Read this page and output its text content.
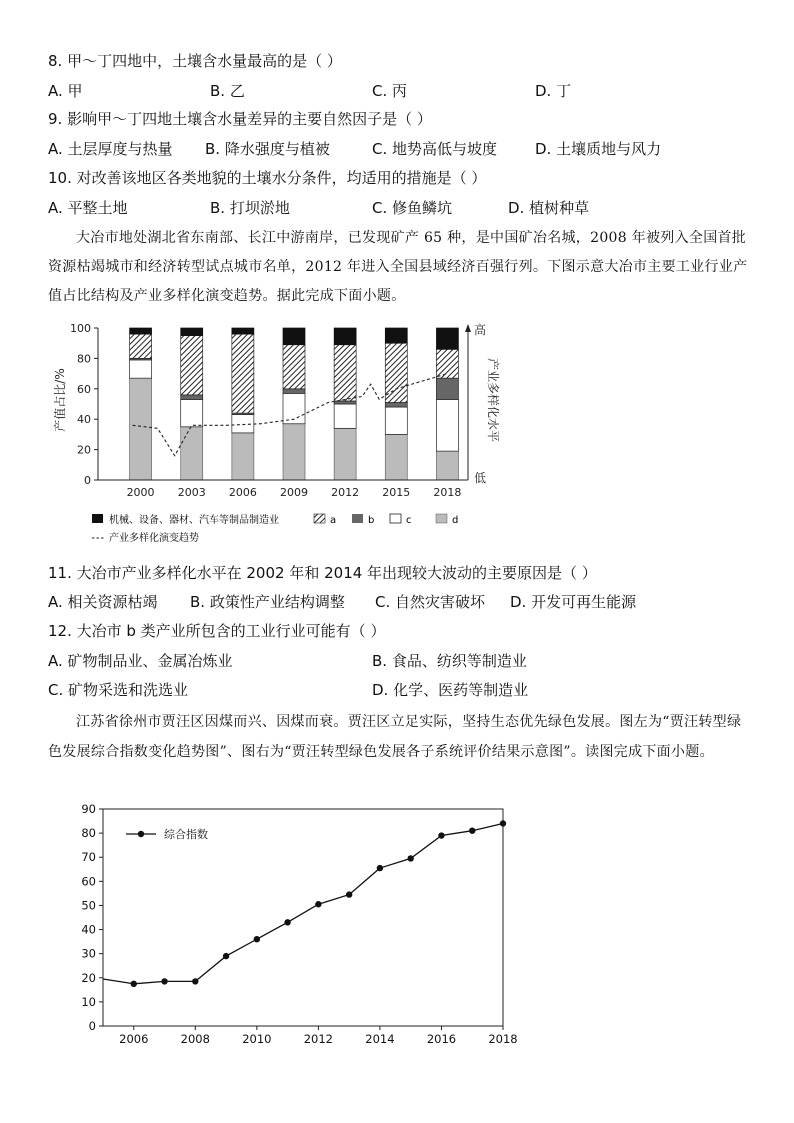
8. 甲～丁四地中，土壤含水量最高的是（ ）
A. 甲	B. 乙	C. 丙	D. 丁
9. 影响甲～丁四地土壤含水量差异的主要自然因子是（ ）
A. 土层厚度与热量 B. 降水强度与植被	C. 地势高低与坡度	D. 土壤质地与风力
10. 对改善该地区各类地貌的土壤水分条件，均适用的措施是（ ）
A. 平整土地	B. 打坝淤地	C. 修鱼鳞坑	D. 植树种草
大冶市地处湖北省东南部、长江中游南岸，已发现矿产 65 种，是中国矿冶名城，2008 年被列入全国首批资源枯竭城市和经济转型试点城市名单，2012 年进入全国县域经济百强行列。下图示意大冶市主要工业行业产值占比结构及产业多样化演变趋势。据此完成下面小题。
0
20
40
60
80
100
2000 2003 2006 2009 2012 2015 2018
产值占比/%	产业多样化水平
高
低
机械、设备、器材、汽车等制品制造业	a	b	c	d
产业多样化演变趋势
11. 大冶市产业多样化水平在 2002 年和 2014 年出现较大波动的主要原因是（ ）
A. 相关资源枯竭 B. 政策性产业结构调整 C. 自然灾害破坏 D. 开发可再生能源
12. 大冶市 b 类产业所包含的工业行业可能有（ ）
A. 矿物制品业、金属冶炼业	B. 食品、纺织等制造业
C. 矿物采选和洗选业	D. 化学、医药等制造业
江苏省徐州市贾汪区因煤而兴、因煤而衰。贾汪区立足实际，坚持生态优先绿色发展。图左为“贾汪转型绿色发展综合指数变化趋势图”、图右为“贾汪转型绿色发展各子系统评价结果示意图”。读图完成下面小题。
0
10
20
30
40
50
60
70
80
90
2006	2008	2010	2012	2014	2016	2018
综合指数
